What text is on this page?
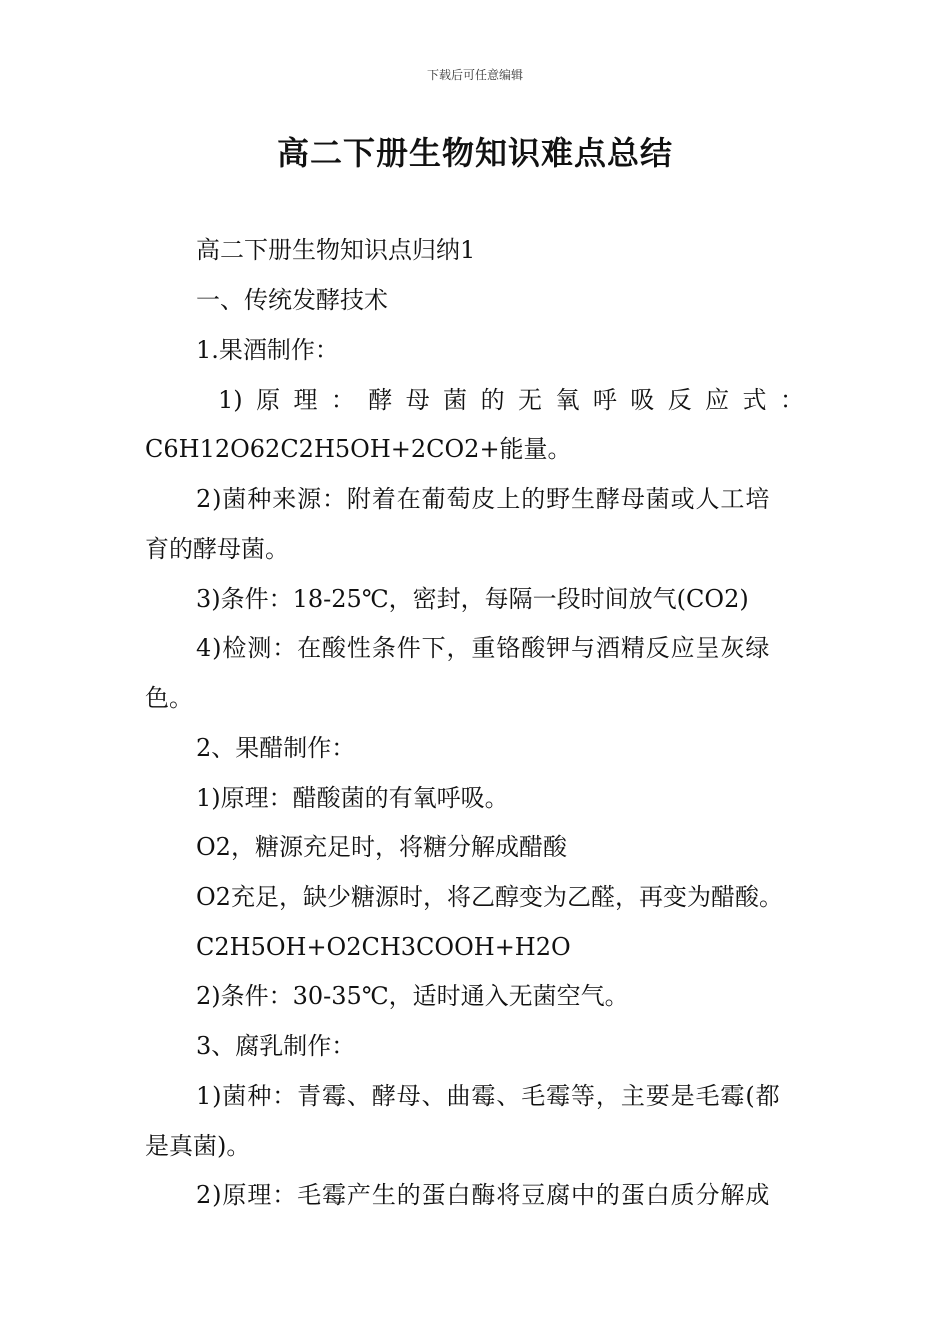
下载后可任意编辑
高二下册生物知识难点总结
高二下册生物知识点归纳1
一、传统发酵技术
1.果酒制作：
1) 原 理 ： 酵 母 菌 的 无 氧 呼 吸 反 应 式 ：
C6H12O62C2H5OH+2CO2+能量。
2)菌种来源：附着在葡萄皮上的野生酵母菌或人工培
育的酵母菌。
3)条件：18-25℃，密封，每隔一段时间放气(CO2)
4)检测：在酸性条件下，重铬酸钾与酒精反应呈灰绿
色。
2、果醋制作：
1)原理：醋酸菌的有氧呼吸。
O2，糖源充足时，将糖分解成醋酸
O2充足，缺少糖源时，将乙醇变为乙醛，再变为醋酸。
C2H5OH+O2CH3COOH+H2O
2)条件：30-35℃，适时通入无菌空气。
3、腐乳制作：
1)菌种：青霉、酵母、曲霉、毛霉等，主要是毛霉(都
是真菌)。
2)原理：毛霉产生的蛋白酶将豆腐中的蛋白质分解成
